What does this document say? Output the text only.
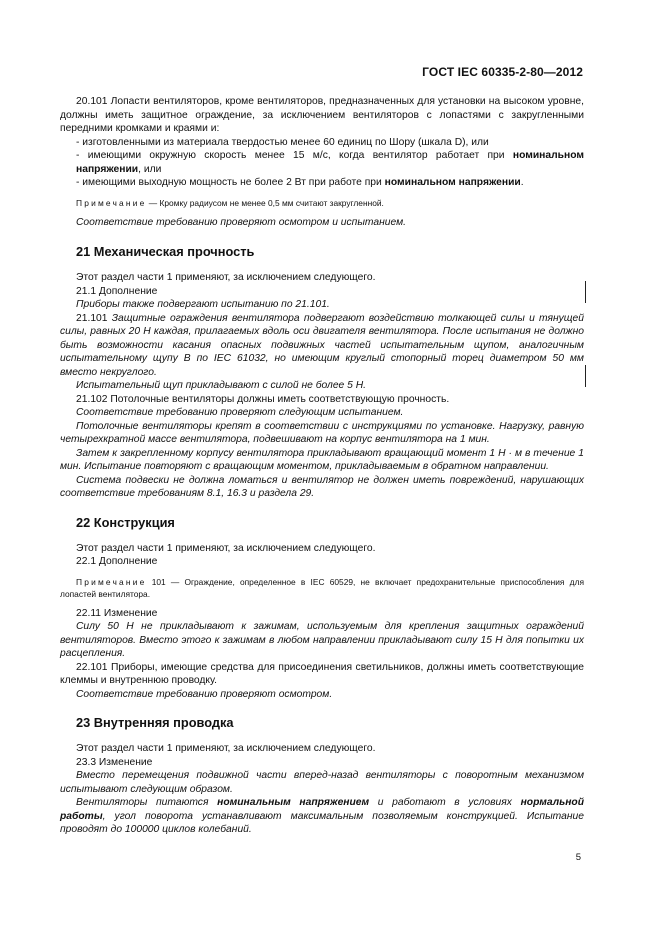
ГОСТ IEC 60335-2-80—2012

20.101 Лопасти вентиляторов, кроме вентиляторов, предназначенных для установки на высоком уровне, должны иметь защитное ограждение, за исключением вентиляторов с лопастями с закругленными передними кромками и краями и:

- изготовленными из материала твердостью менее 60 единиц по Шору (шкала D), или

- имеющими окружную скорость менее 15 м/с, когда вентилятор работает при номинальном напряжении, или

- имеющими выходную мощность не более 2 Вт при работе при номинальном напряжении.

Примечание — Кромку радиусом не менее 0,5 мм считают закругленной.

Соответствие требованию проверяют осмотром и испытанием.

21 Механическая прочность

Этот раздел части 1 применяют, за исключением следующего.

21.1 Дополнение

Приборы также подвергают испытанию по 21.101.

21.101 Защитные ограждения вентилятора подвергают воздействию толкающей силы и тянущей силы, равных 20 Н каждая, прилагаемых вдоль оси двигателя вентилятора. После испытания не должно быть возможности касания опасных подвижных частей испытательным щупом, аналогичным испытательному щупу В по IEC 61032, но имеющим круглый стопорный торец диаметром 50 мм вместо некруглого.

Испытательный щуп прикладывают с силой не более 5 Н.

21.102 Потолочные вентиляторы должны иметь соответствующую прочность.

Соответствие требованию проверяют следующим испытанием.

Потолочные вентиляторы крепят в соответствии с инструкциями по установке. Нагрузку, равную четырехкратной массе вентилятора, подвешивают на корпус вентилятора на 1 мин.

Затем к закрепленному корпусу вентилятора прикладывают вращающий момент 1 Н · м в течение 1 мин. Испытание повторяют с вращающим моментом, прикладываемым в обратном направлении.

Система подвески не должна ломаться и вентилятор не должен иметь повреждений, нарушающих соответствие требованиям 8.1, 16.3 и раздела 29.

22 Конструкция

Этот раздел части 1 применяют, за исключением следующего.

22.1 Дополнение

Примечание 101 — Ограждение, определенное в IEC 60529, не включает предохранительные приспособления для лопастей вентилятора.

22.11 Изменение

Силу 50 Н не прикладывают к зажимам, используемым для крепления защитных ограждений вентиляторов. Вместо этого к зажимам в любом направлении прикладывают силу 15 Н для попытки их расцепления.

22.101 Приборы, имеющие средства для присоединения светильников, должны иметь соответствующие клеммы и внутреннюю проводку.

Соответствие требованию проверяют осмотром.

23 Внутренняя проводка

Этот раздел части 1 применяют, за исключением следующего.

23.3 Изменение

Вместо перемещения подвижной части вперед-назад вентиляторы с поворотным механизмом испытывают следующим образом.

Вентиляторы питаются номинальным напряжением и работают в условиях нормальной работы, угол поворота устанавливают максимальным позволяемым конструкцией. Испытание проводят до 100000 циклов колебаний.

5
